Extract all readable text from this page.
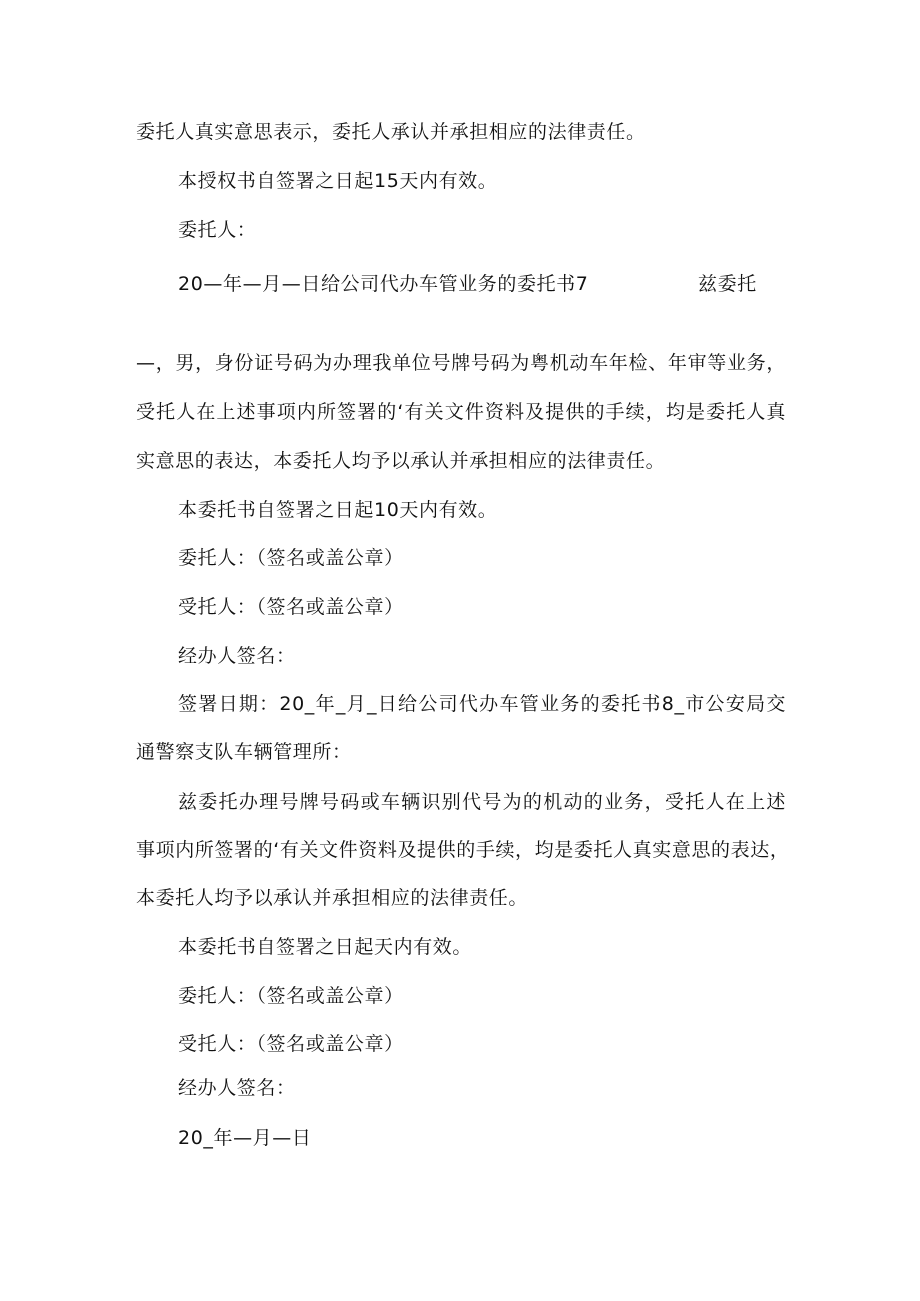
委托人真实意思表示，委托人承认并承担相应的法律责任。
本授权书自签署之日起15天内有效。
委托人：
20—年—月—日给公司代办车管业务的委托书7	兹委托
—，男，身份证号码为办理我单位号牌号码为粤机动车年检、年审等业务，
受托人在上述事项内所签署的‘有关文件资料及提供的手续，均是委托人真
实意思的表达，本委托人均予以承认并承担相应的法律责任。
本委托书自签署之日起10天内有效。
委托人：（签名或盖公章）
受托人：（签名或盖公章）
经办人签名：
签署日期：20_年_月_日给公司代办车管业务的委托书8_市公安局交
通警察支队车辆管理所：
兹委托办理号牌号码或车辆识别代号为的机动的业务，受托人在上述
事项内所签署的‘有关文件资料及提供的手续，均是委托人真实意思的表达，
本委托人均予以承认并承担相应的法律责任。
本委托书自签署之日起天内有效。
委托人：（签名或盖公章）
受托人：（签名或盖公章）
经办人签名：
20_年—月—日
